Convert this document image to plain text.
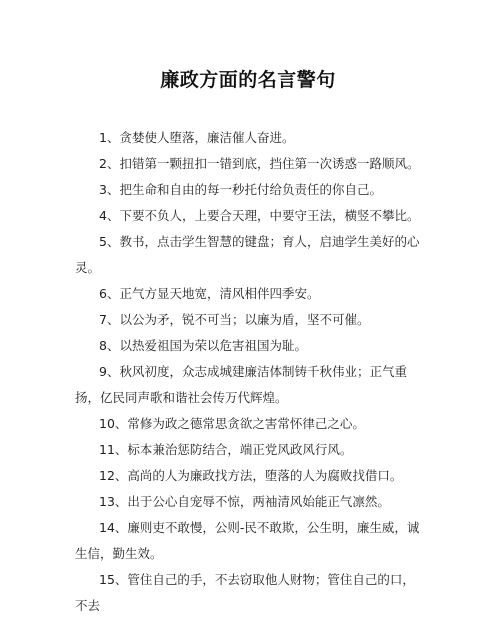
廉政方面的名言警句

1、贪婪使人堕落，廉洁催人奋进。

2、扣错第一颗扭扣一错到底，挡住第一次诱惑一路顺风。

3、把生命和自由的每一秒托付给负责任的你自己。

4、下要不负人，上要合天理，中要守王法，横竖不攀比。

5、教书，点击学生智慧的键盘；育人，启迪学生美好的心灵。

6、正气方显天地宽，清风相伴四季安。

7、以公为矛，锐不可当；以廉为盾，坚不可催。

8、以热爱祖国为荣以危害祖国为耻。

9、秋风初度，众志成城建廉洁体制铸千秋伟业；正气重扬，亿民同声歌和谐社会传万代辉煌。

10、常修为政之德常思贪欲之害常怀律己之心。

11、标本兼治惩防结合，端正党风政风行风。

12、高尚的人为廉政找方法，堕落的人为腐败找借口。

13、出于公心自宠辱不惊，两袖清风始能正气凛然。

14、廉则吏不敢慢，公则-民不敢欺，公生明，廉生威，诚生信，勤生效。

15、管住自己的手，不去窃取他人财物；管住自己的口，不去
